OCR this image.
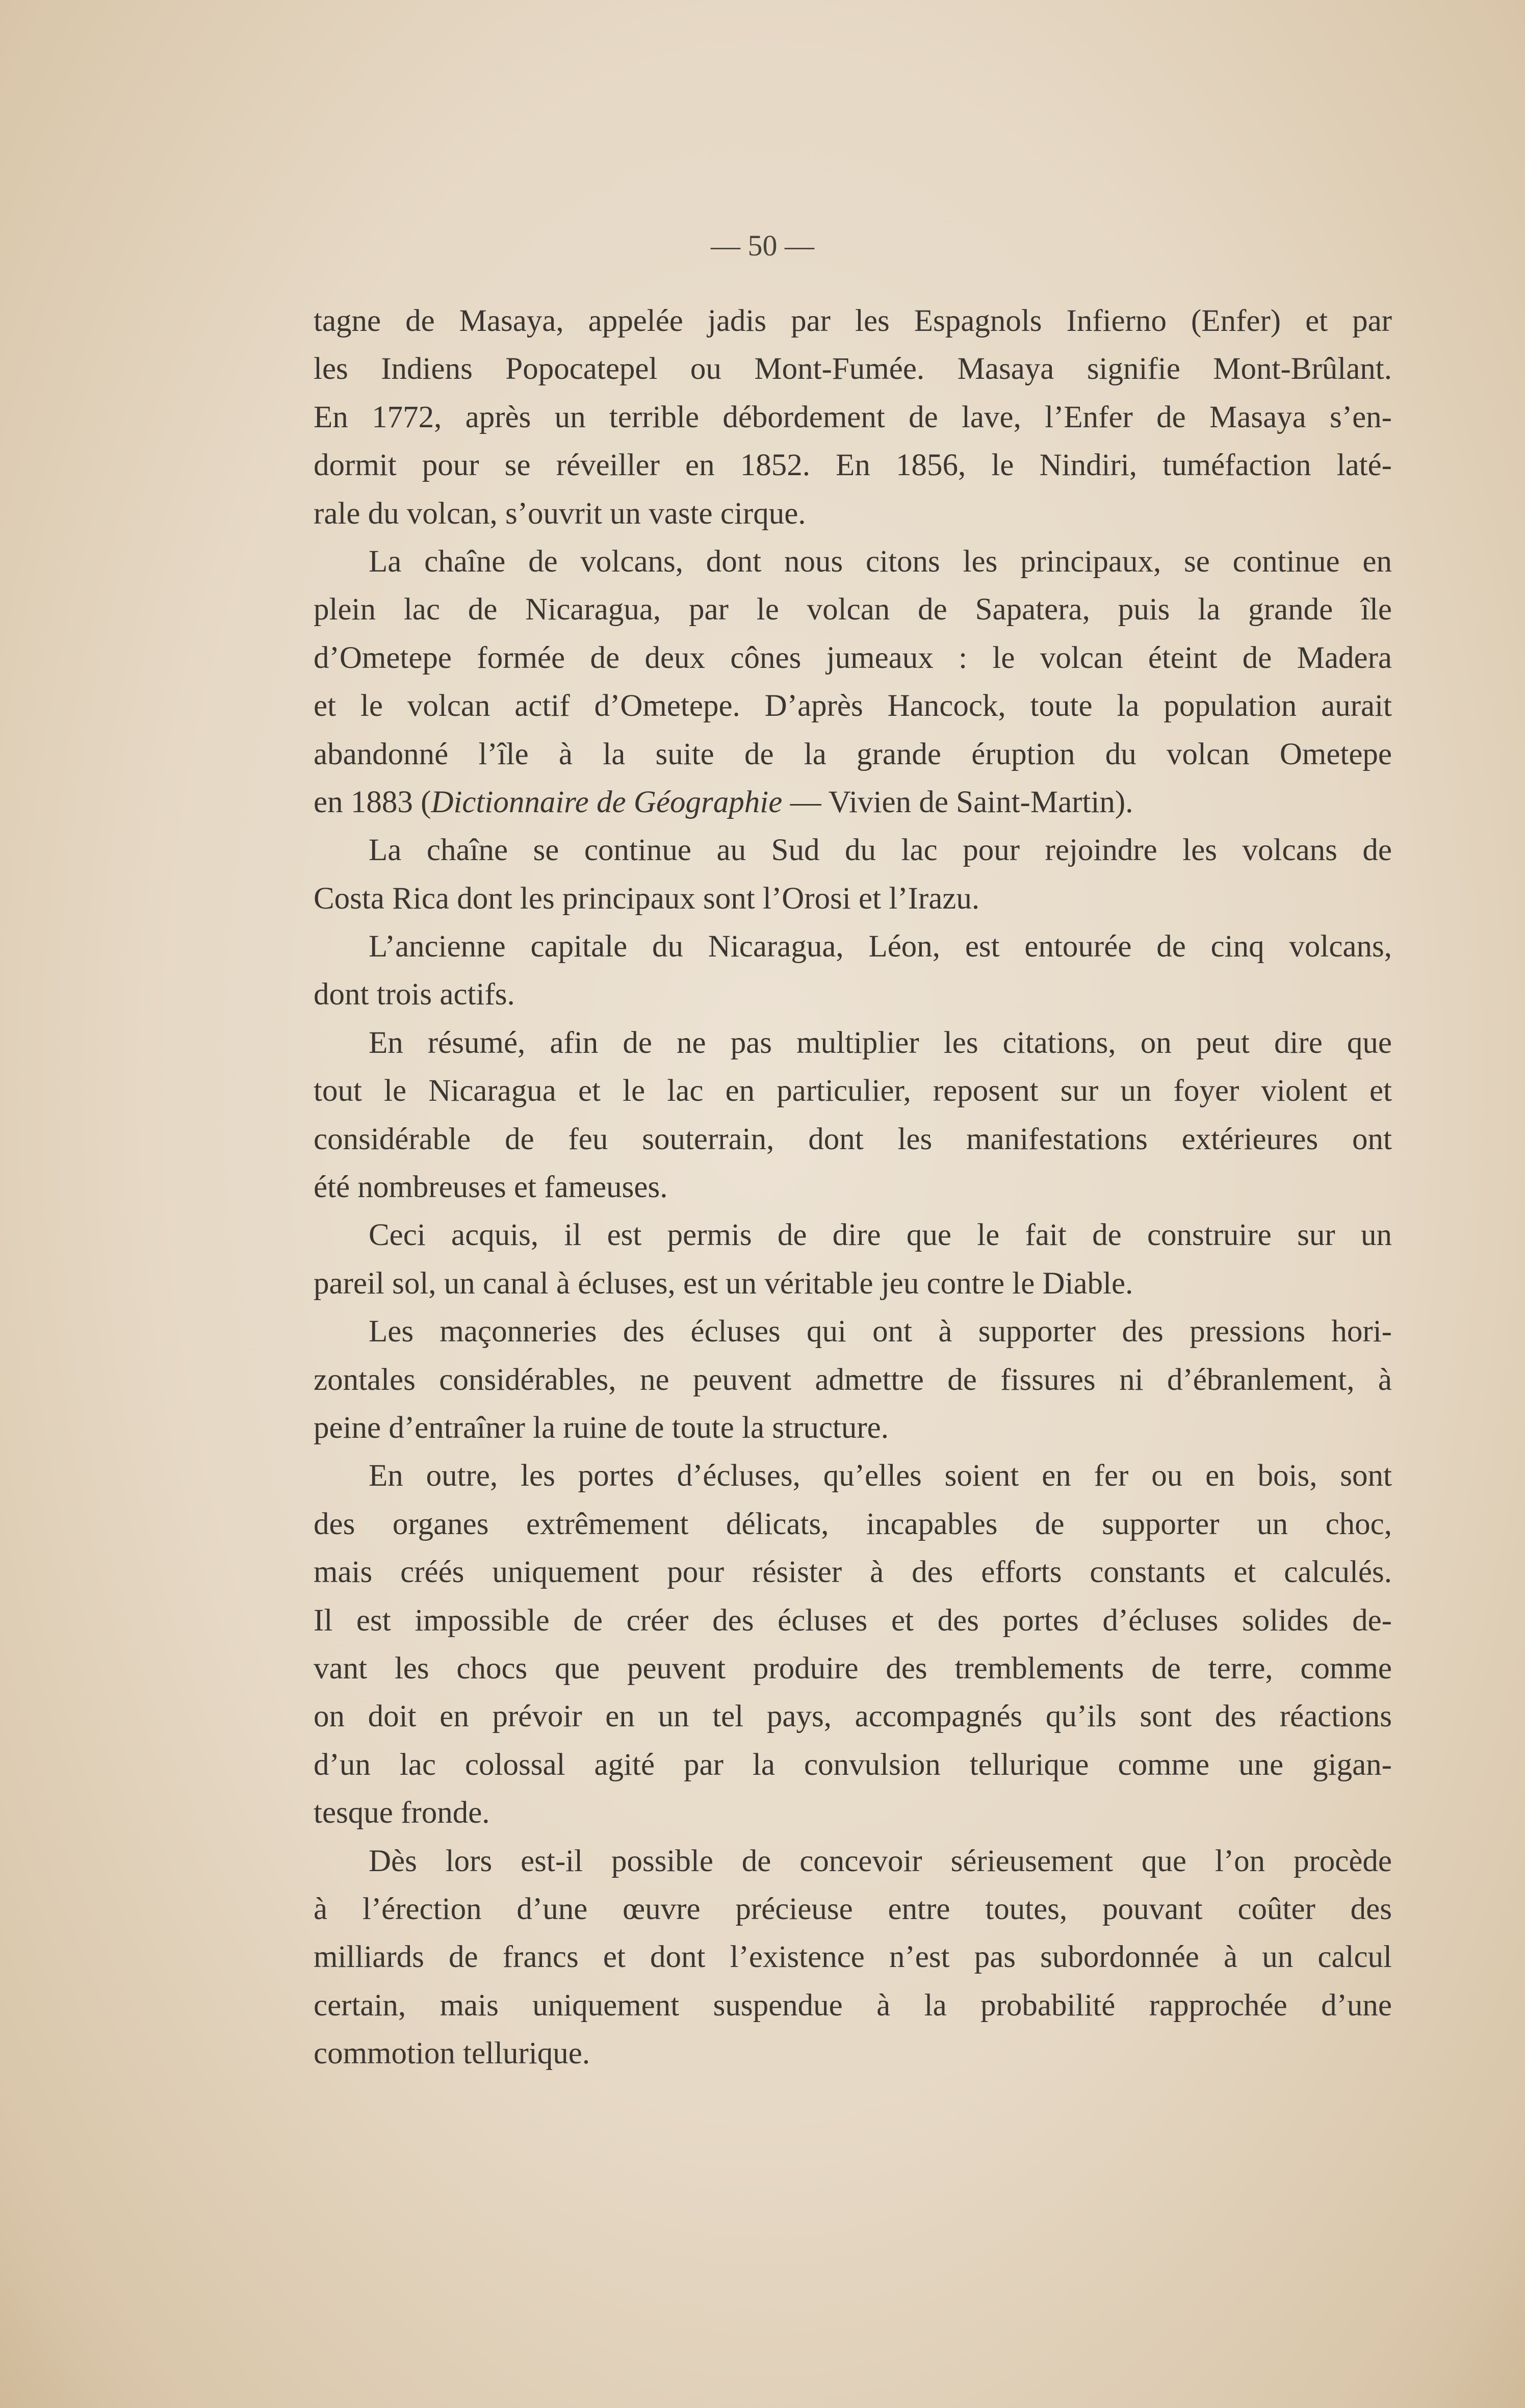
— 50 —
tagne de Masaya, appelée jadis par les Espagnols Infierno (Enfer) et par
les Indiens Popocatepel ou Mont-Fumée. Masaya signifie Mont-Brûlant.
En 1772, après un terrible débordement de lave, l’Enfer de Masaya s’en-
dormit pour se réveiller en 1852. En 1856, le Nindiri, tuméfaction laté-
rale du volcan, s’ouvrit un vaste cirque.
La chaîne de volcans, dont nous citons les principaux, se continue en
plein lac de Nicaragua, par le volcan de Sapatera, puis la grande île
d’Ometepe formée de deux cônes jumeaux : le volcan éteint de Madera
et le volcan actif d’Ometepe. D’après Hancock, toute la population aurait
abandonné l’île à la suite de la grande éruption du volcan Ometepe
en 1883 (Dictionnaire de Géographie — Vivien de Saint-Martin).
La chaîne se continue au Sud du lac pour rejoindre les volcans de
Costa Rica dont les principaux sont l’Orosi et l’Irazu.
L’ancienne capitale du Nicaragua, Léon, est entourée de cinq volcans,
dont trois actifs.
En résumé, afin de ne pas multiplier les citations, on peut dire que
tout le Nicaragua et le lac en particulier, reposent sur un foyer violent et
considérable de feu souterrain, dont les manifestations extérieures ont
été nombreuses et fameuses.
Ceci acquis, il est permis de dire que le fait de construire sur un
pareil sol, un canal à écluses, est un véritable jeu contre le Diable.
Les maçonneries des écluses qui ont à supporter des pressions hori-
zontales considérables, ne peuvent admettre de fissures ni d’ébranlement, à
peine d’entraîner la ruine de toute la structure.
En outre, les portes d’écluses, qu’elles soient en fer ou en bois, sont
des organes extrêmement délicats, incapables de supporter un choc,
mais créés uniquement pour résister à des efforts constants et calculés.
Il est impossible de créer des écluses et des portes d’écluses solides de-
vant les chocs que peuvent produire des tremblements de terre, comme
on doit en prévoir en un tel pays, accompagnés qu’ils sont des réactions
d’un lac colossal agité par la convulsion tellurique comme une gigan-
tesque fronde.
Dès lors est-il possible de concevoir sérieusement que l’on procède
à l’érection d’une œuvre précieuse entre toutes, pouvant coûter des
milliards de francs et dont l’existence n’est pas subordonnée à un calcul
certain, mais uniquement suspendue à la probabilité rapprochée d’une
commotion tellurique.
